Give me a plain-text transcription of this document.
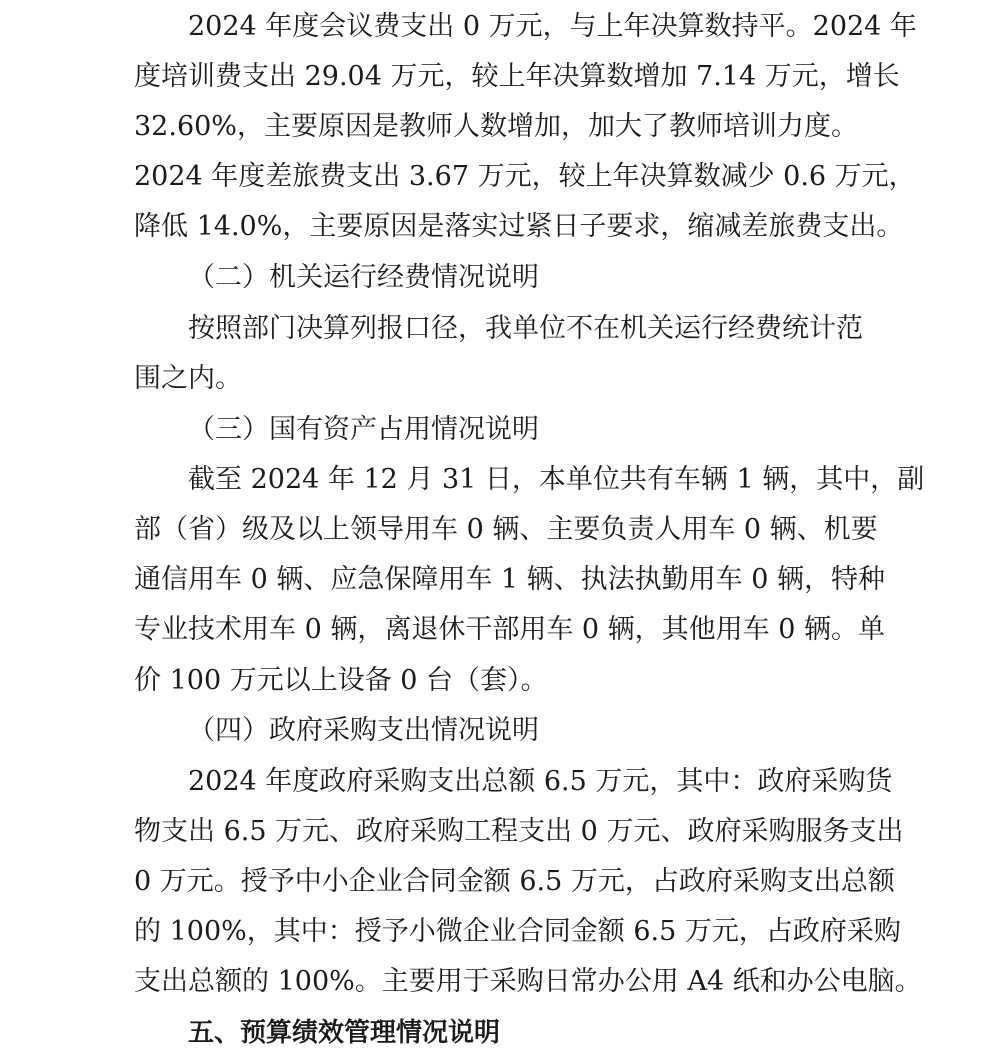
2024 年度会议费支出 0 万元，与上年决算数持平。2024 年
度培训费支出 29.04 万元，较上年决算数增加 7.14 万元，增长
32.60%，主要原因是教师人数增加，加大了教师培训力度。
2024 年度差旅费支出 3.67 万元，较上年决算数减少 0.6 万元，
降低 14.0%，主要原因是落实过紧日子要求，缩减差旅费支出。
（二）机关运行经费情况说明
按照部门决算列报口径，我单位不在机关运行经费统计范
围之内。
（三）国有资产占用情况说明
截至 2024 年 12 月 31 日，本单位共有车辆 1 辆，其中，副
部（省）级及以上领导用车 0 辆、主要负责人用车 0 辆、机要
通信用车 0 辆、应急保障用车 1 辆、执法执勤用车 0 辆，特种
专业技术用车 0 辆，离退休干部用车 0 辆，其他用车 0 辆。单
价 100 万元以上设备 0 台（套）。
（四）政府采购支出情况说明
2024 年度政府采购支出总额 6.5 万元，其中：政府采购货
物支出 6.5 万元、政府采购工程支出 0 万元、政府采购服务支出
0 万元。授予中小企业合同金额 6.5 万元，占政府采购支出总额
的 100%，其中：授予小微企业合同金额 6.5 万元，占政府采购
支出总额的 100%。主要用于采购日常办公用 A4 纸和办公电脑。
五、预算绩效管理情况说明
